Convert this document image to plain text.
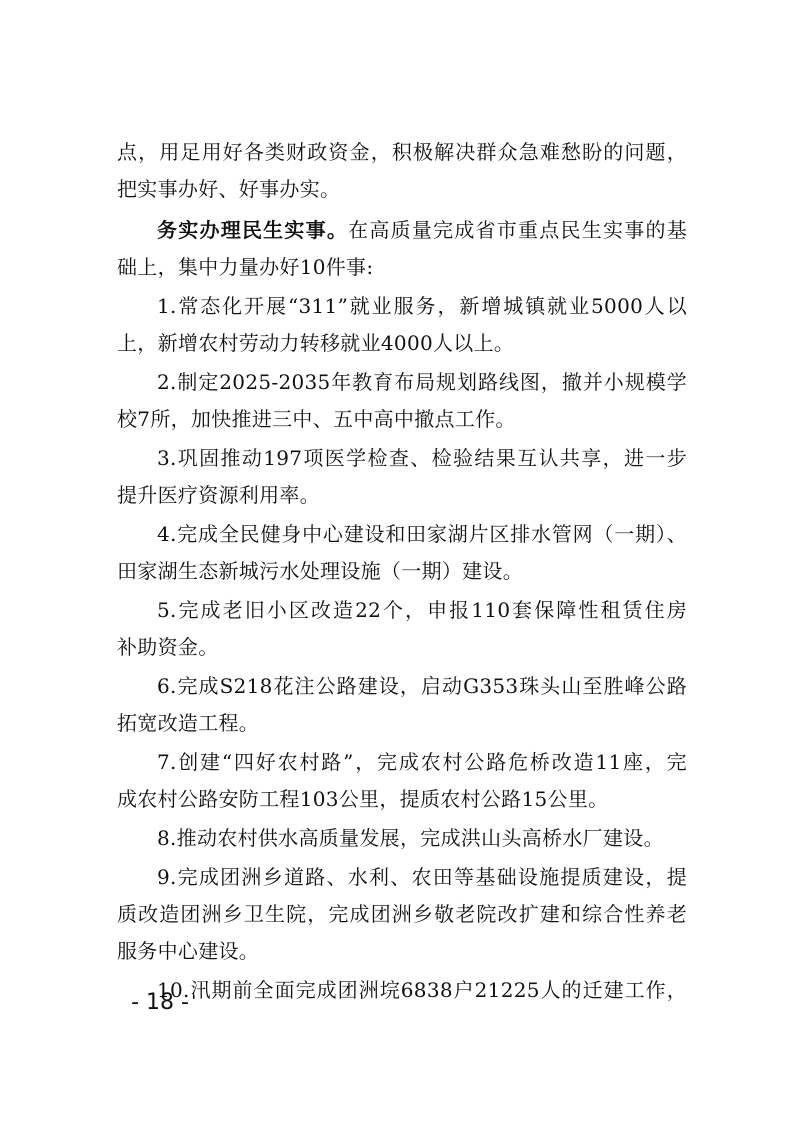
点，用足用好各类财政资金，积极解决群众急难愁盼的问题，
把实事办好、好事办实。
务实办理民生实事。在高质量完成省市重点民生实事的基
础上，集中力量办好10件事:
1.常态化开展“311”就业服务，新增城镇就业5000人以
上，新增农村劳动力转移就业4000人以上。
2.制定2025-2035年教育布局规划路线图，撤并小规模学
校7所，加快推进三中、五中高中撤点工作。
3.巩固推动197项医学检查、检验结果互认共享，进一步
提升医疗资源利用率。
4.完成全民健身中心建设和田家湖片区排水管网（一期）、
田家湖生态新城污水处理设施（一期）建设。
5.完成老旧小区改造22个，申报110套保障性租赁住房
补助资金。
6.完成S218花注公路建设，启动G353珠头山至胜峰公路
拓宽改造工程。
7.创建“四好农村路”，完成农村公路危桥改造11座，完
成农村公路安防工程103公里，提质农村公路15公里。
8.推动农村供水高质量发展，完成洪山头高桥水厂建设。
9.完成团洲乡道路、水利、农田等基础设施提质建设，提
质改造团洲乡卫生院，完成团洲乡敬老院改扩建和综合性养老
服务中心建设。
10.汛期前全面完成团洲垸6838户21225人的迁建工作，
- 18 -
